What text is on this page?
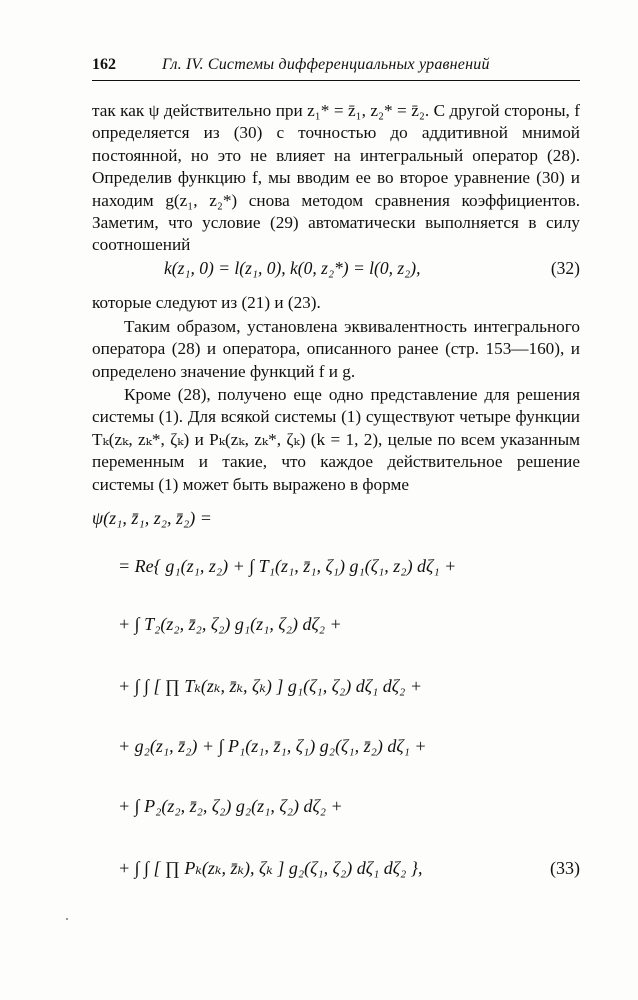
162	Гл. IV. Системы дифференциальных уравнений

так как ψ действительно при z₁* = z̄₁, z₂* = z̄₂. С другой стороны, f определяется из (30) с точностью до аддитивной мнимой постоянной, но это не влияет на интегральный оператор (28). Определив функцию f, мы вводим ее во второе уравнение (30) и находим g(z₁, z₂*) снова методом сравнения коэффициентов. Заметим, что условие (29) автоматически выполняется в силу соотношений

k(z₁, 0) = l(z₁, 0), k(0, z₂*) = l(0, z₂),	(32)

которые следуют из (21) и (23).

Таким образом, установлена эквивалентность интегрального оператора (28) и оператора, описанного ранее (стр. 153—160), и определено значение функций f и g.

Кроме (28), получено еще одно представление для решения системы (1). Для всякой системы (1) существуют четыре функции Tₖ(zₖ, zₖ*, ζₖ) и Pₖ(zₖ, zₖ*, ζₖ) (k = 1, 2), целые по всем указанным переменным и такие, что каждое действительное решение системы (1) может быть выражено в форме

ψ(z₁, z̄₁, z₂, z̄₂) =
= Re{ g₁(z₁, z₂) + ∫ T₁(z₁, z̄₁, ζ₁) g₁(ζ₁, z₂) dζ₁ +
+ ∫ T₂(z₂, z̄₂, ζ₂) g₁(z₁, ζ₂) dζ₂ +
+ ∫ ∫ [ ∏ Tₖ(zₖ, z̄ₖ, ζₖ) ] g₁(ζ₁, ζ₂) dζ₁ dζ₂ +
+ g₂(z₁, z̄₂) + ∫ P₁(z₁, z̄₁, ζ₁) g₂(ζ₁, z̄₂) dζ₁ +
+ ∫ P₂(z₂, z̄₂, ζ₂) g₂(z₁, ζ₂) dζ₂ +
+ ∫ ∫ [ ∏ Pₖ(zₖ, z̄ₖ), ζₖ ] g₂(ζ₁, ζ₂) dζ₁ dζ₂ },	(33)
